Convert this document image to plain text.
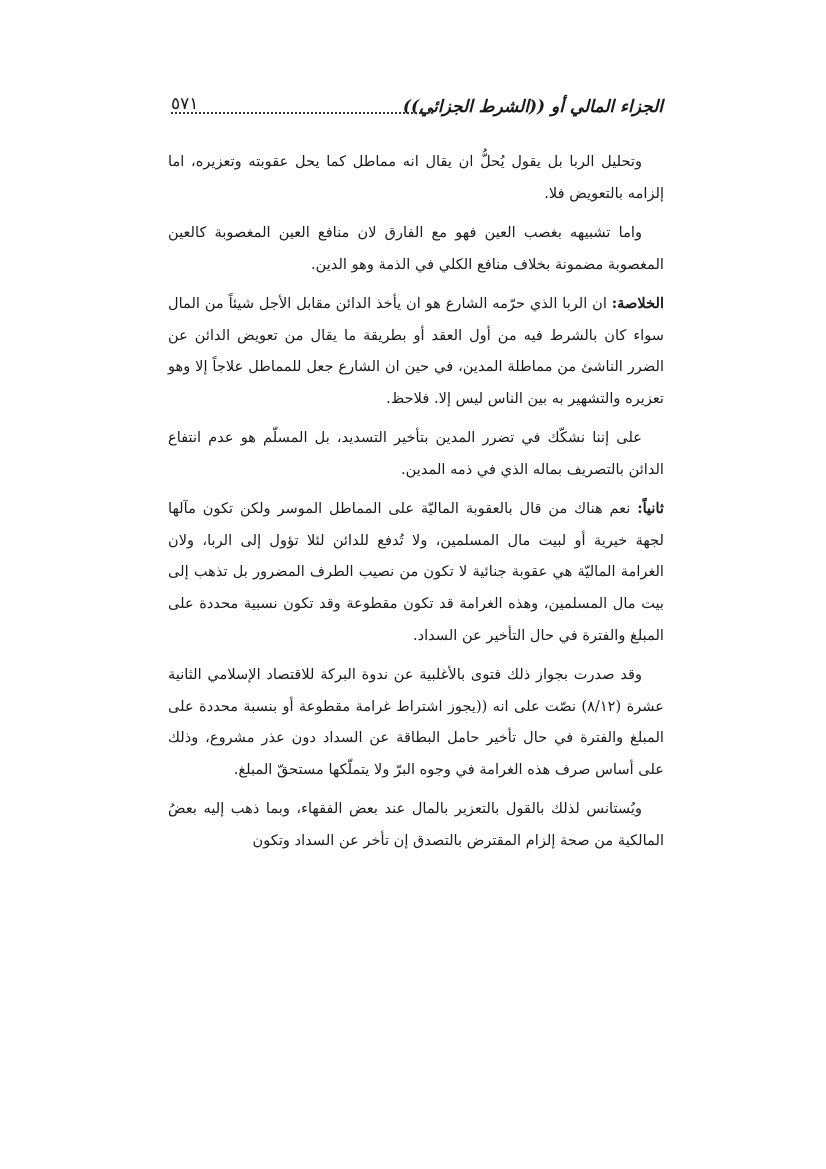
الجزاء المالي أو ((الشرط الجزائي))
٥٧١

وتحليل الربا بل يقول يُحلُّ ان يقال انه مماطل كما يحل عقوبته وتعزيره، اما إلزامه بالتعويض فلا.

واما تشبيهه بغصب العين فهو مع الفارق لان منافع العين المغصوبة كالعين المغصوبة مضمونة بخلاف منافع الكلي في الذمة وهو الدين.

الخلاصة: ان الربا الذي حرّمه الشارع هو ان يأخذ الدائن مقابل الأجل شيئاً من المال سواء كان بالشرط فيه من أول العقد أو بطريقة ما يقال من تعويض الدائن عن الضرر الناشئ من مماطلة المدين، في حين ان الشارع جعل للمماطل علاجاً إلا وهو تعزيره والتشهير به بين الناس ليس إلا. فلاحظ.

على إننا نشكّك في تضرر المدين بتأخير التسديد، بل المسلّم هو عدم انتفاع الدائن بالتصريف بماله الذي في ذمه المدين.

ثانياً: نعم هناك من قال بالعقوبة الماليّة على المماطل الموسر ولكن تكون مآلها لجهة خيرية أو لبيت مال المسلمين، ولا تُدفع للدائن لئلا تؤول إلى الربا، ولان الغرامة الماليّة هي عقوبة جنائية لا تكون من نصيب الطرف المضرور بل تذهب إلى بيت مال المسلمين، وهذه الغرامة قد تكون مقطوعة وقد تكون نسبية محددة على المبلغ والفترة في حال التأخير عن السداد.

وقد صدرت بجواز ذلك فتوى بالأغلبية عن ندوة البركة للاقتصاد الإسلامي الثانية عشرة (٨/١٢) نصّت على انه ((يجوز اشتراط غرامة مقطوعة أو بنسبة محددة على المبلغ والفترة في حال تأخير حامل البطاقة عن السداد دون عذر مشروع، وذلك على أساس صرف هذه الغرامة في وجوه البرّ ولا يتملّكها مستحقّ المبلغ.

ويُستانس لذلك بالقول بالتعزير بالمال عند بعض الفقهاء، وبما ذهب إليه بعضُ المالكية من صحة إلزام المقترض بالتصدق إن تأخر عن السداد وتكون
